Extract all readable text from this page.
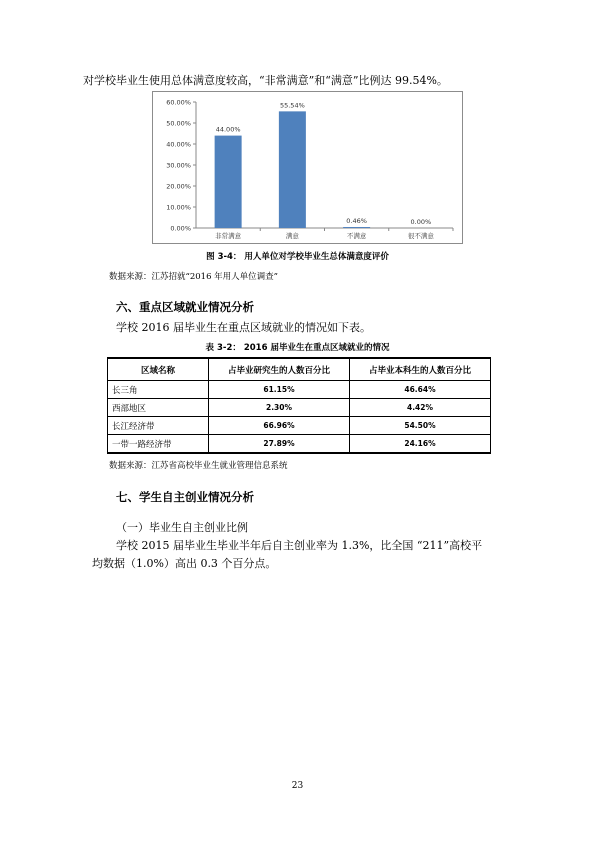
对学校毕业生使用总体满意度较高，“非常满意”和“满意”比例达 99.54%。
0.00%
10.00%
20.00%
30.00%
40.00%
50.00%
60.00%
44.00%
非常满意
55.54%
满意
0.46%
不满意
0.00%
很不满意
图 3-4： 用人单位对学校毕业生总体满意度评价
数据来源：江苏招就“2016 年用人单位调查”
六、重点区域就业情况分析
学校 2016 届毕业生在重点区域就业的情况如下表。
表 3-2： 2016 届毕业生在重点区域就业的情况
区域名称	占毕业研究生的人数百分比	占毕业本科生的人数百分比
长三角	61.15%	46.64%
西部地区	2.30%	4.42%
长江经济带	66.96%	54.50%
一带一路经济带	27.89%	24.16%
数据来源：江苏省高校毕业生就业管理信息系统
七、学生自主创业情况分析
（一）毕业生自主创业比例
学校 2015 届毕业生毕业半年后自主创业率为 1.3%，比全国 “211”高校平
均数据（1.0%）高出 0.3 个百分点。
23
